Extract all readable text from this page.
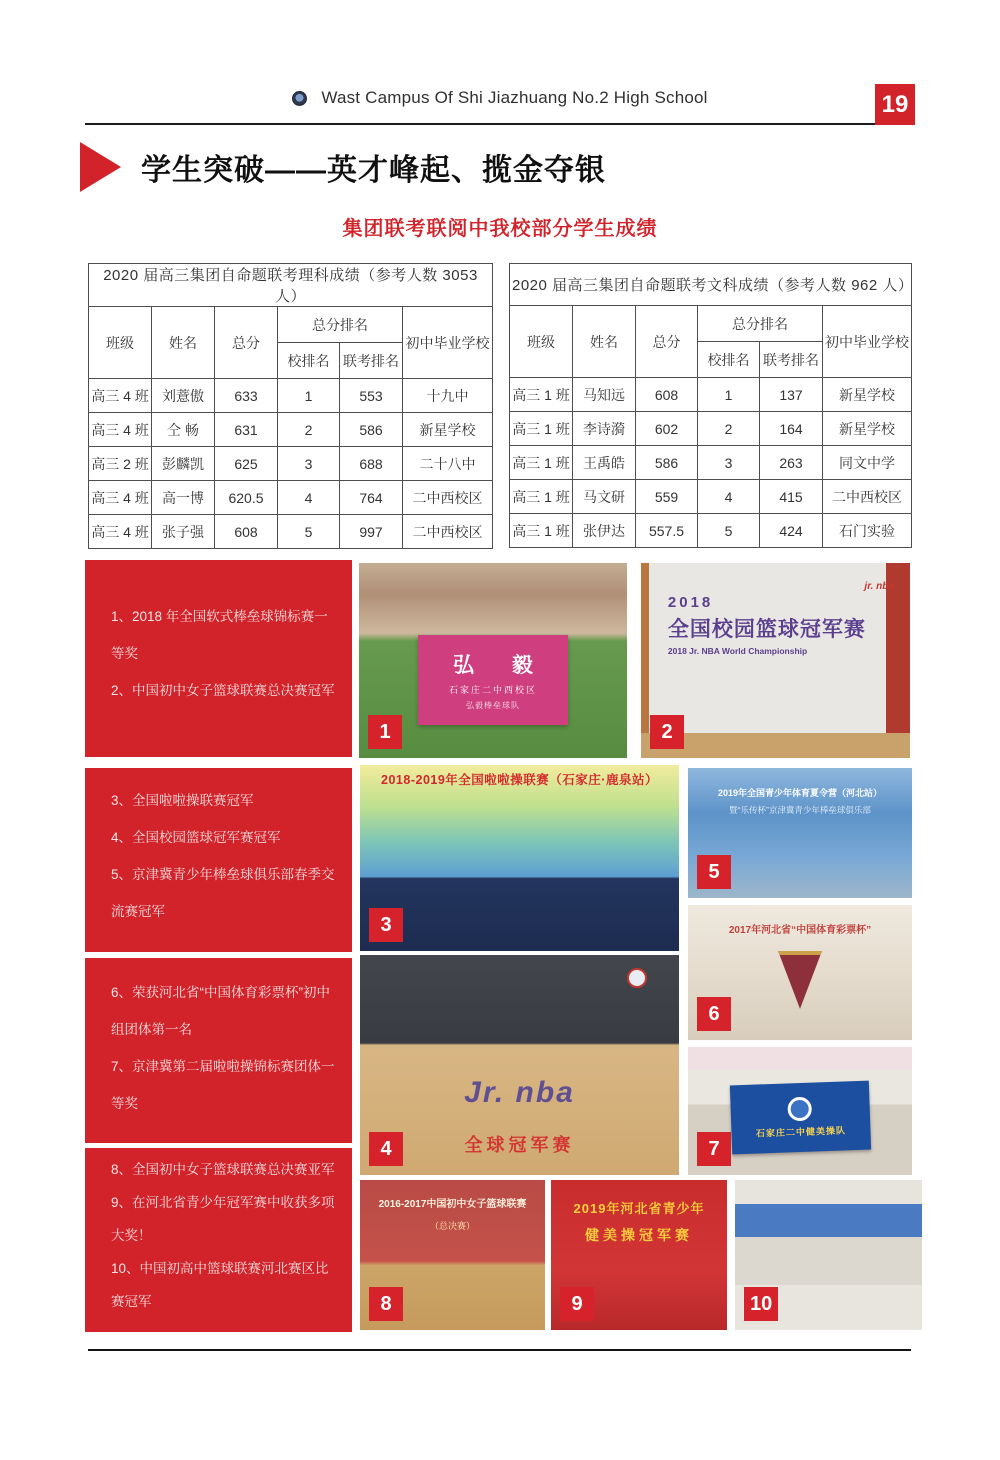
Wast Campus Of Shi Jiazhuang No.2 High School	19
学生突破——英才峰起、揽金夺银
集团联考联阅中我校部分学生成绩
2020 届高三集团自命题联考理科成绩（参考人数 3053 人）					
班级	姓名	总分	总分排名		初中毕业学校
			校排名	联考排名	
高三 4 班	刘薏傲	633	1	553	十九中
高三 4 班	仝 畅	631	2	586	新星学校
高三 2 班	彭麟凯	625	3	688	二十八中
高三 4 班	高一博	620.5	4	764	二中西校区
高三 4 班	张子强	608	5	997	二中西校区
2020 届高三集团自命题联考文科成绩（参考人数 962 人）					
班级	姓名	总分	总分排名		初中毕业学校
			校排名	联考排名	
高三 1 班	马知远	608	1	137	新星学校
高三 1 班	李诗漪	602	2	164	新星学校
高三 1 班	王禹皓	586	3	263	同文中学
高三 1 班	马文研	559	4	415	二中西校区
高三 1 班	张伊达	557.5	5	424	石门实验

1、2018 年全国软式棒垒球锦标赛一等奖

2、中国初中女子篮球联赛总决赛冠军

3、全国啦啦操联赛冠军

4、全国校园篮球冠军赛冠军

5、京津冀青少年棒垒球俱乐部春季交流赛冠军

6、荣获河北省“中国体育彩票杯”初中组团体第一名

7、京津冀第二届啦啦操锦标赛团体一等奖

8、全国初中女子篮球联赛总决赛亚军

9、在河北省青少年冠军赛中收获多项大奖！

10、中国初高中篮球联赛河北赛区比赛冠军

弘 毅
石家庄二中西校区
弘毅棒垒球队
1
2018
全国校园篮球冠军赛
2018 Jr. NBA World Championship
jr. nba
2
2018-2019年全国啦啦操联赛（石家庄·鹿泉站）
3
Jr. nba
全球冠军赛
4
2019年全国青少年体育夏令营（河北站）
暨“乐传杯”京津冀青少年棒垒球俱乐部
5
2017年河北省“中国体育彩票杯”
6
石家庄二中健美操队
7
2016-2017中国初中女子篮球联赛
（总决赛）
8
2019年河北省青少年
健美操冠军赛
9	10
